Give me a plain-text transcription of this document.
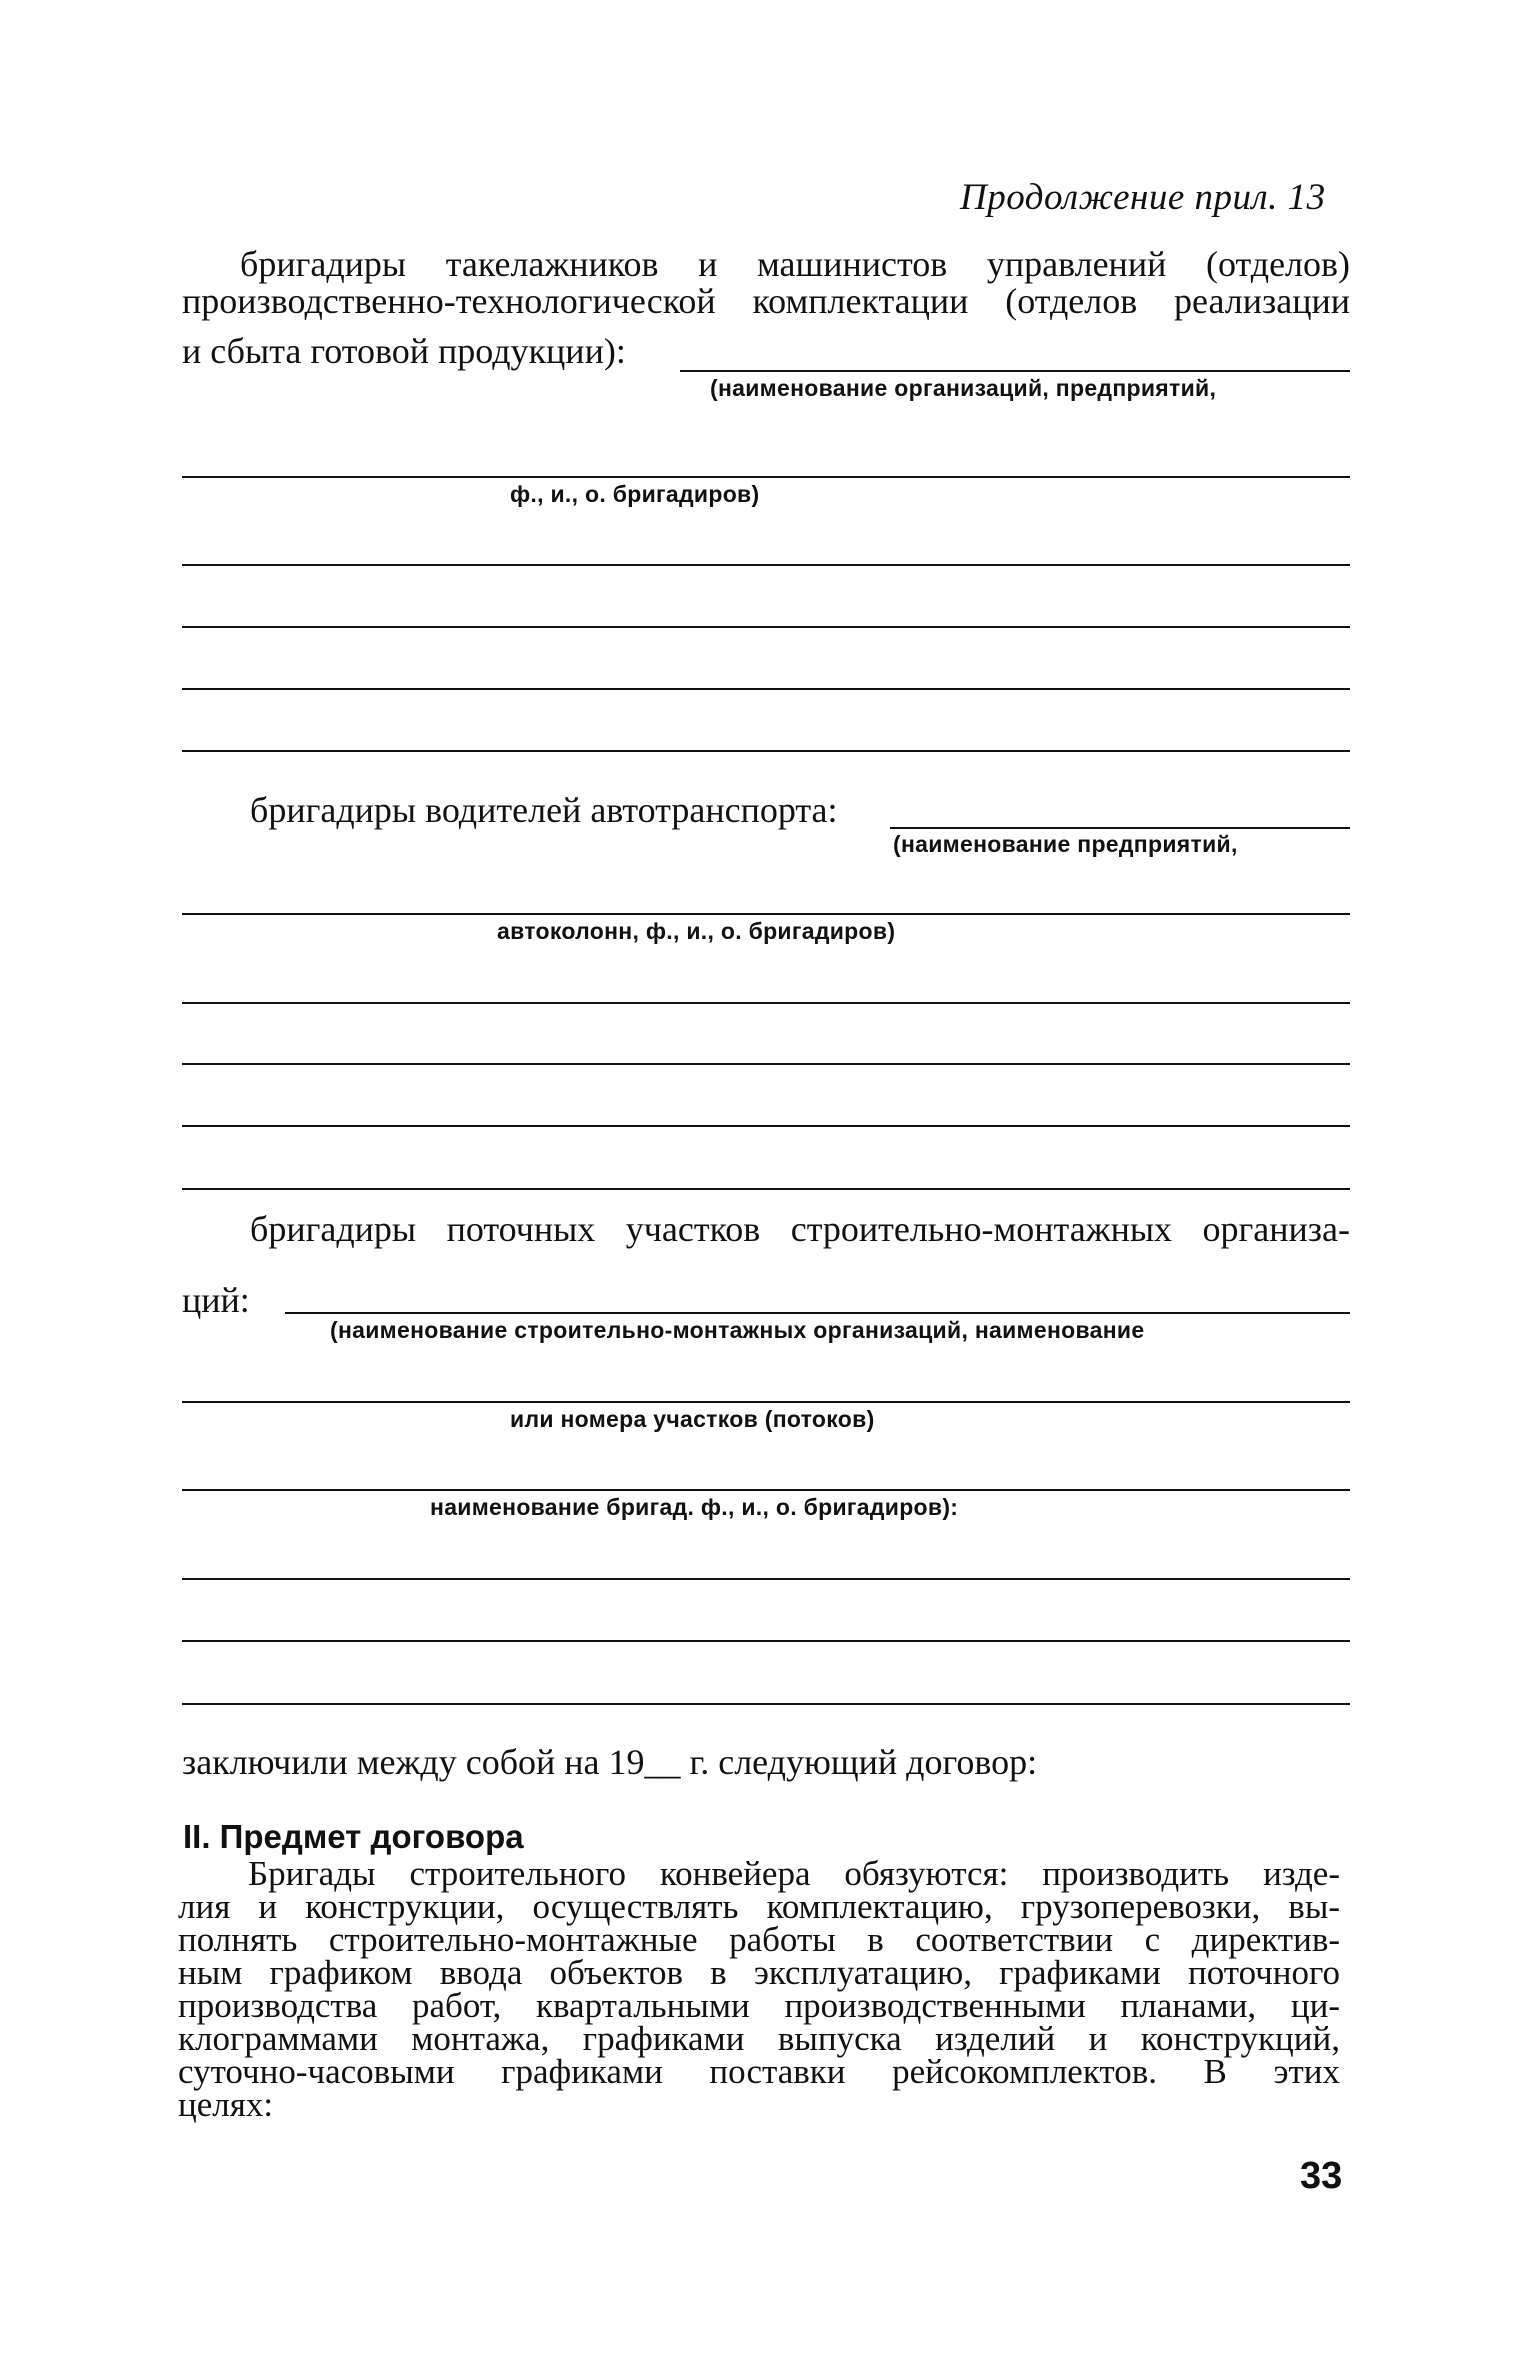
Продолжение прил. 13
бригадиры такелажников и машинистов управлений (отделов)
производственно-технологической комплектации (отделов реализации
и сбыта готовой продукции):
(наименование организаций, предприятий,
ф., и., о. бригадиров)
бригадиры водителей автотранспорта:
(наименование предприятий,
автоколонн, ф., и., о. бригадиров)
бригадиры поточных участков строительно-монтажных организа-
ций:
(наименование строительно-монтажных организаций, наименование
или номера участков (потоков)
наименование бригад. ф., и., о. бригадиров):
заключили между собой на 19__ г. следующий договор:
II. Предмет договора
Бригады строительного конвейера обязуются: производить изде-
лия и конструкции, осуществлять комплектацию, грузоперевозки, вы-
полнять строительно-монтажные работы в соответствии с директив-
ным графиком ввода объектов в эксплуатацию, графиками поточного
производства работ, квартальными производственными планами, ци-
клограммами монтажа, графиками выпуска изделий и конструкций,
суточно-часовыми графиками поставки рейсокомплектов. В этих
целях:
33
